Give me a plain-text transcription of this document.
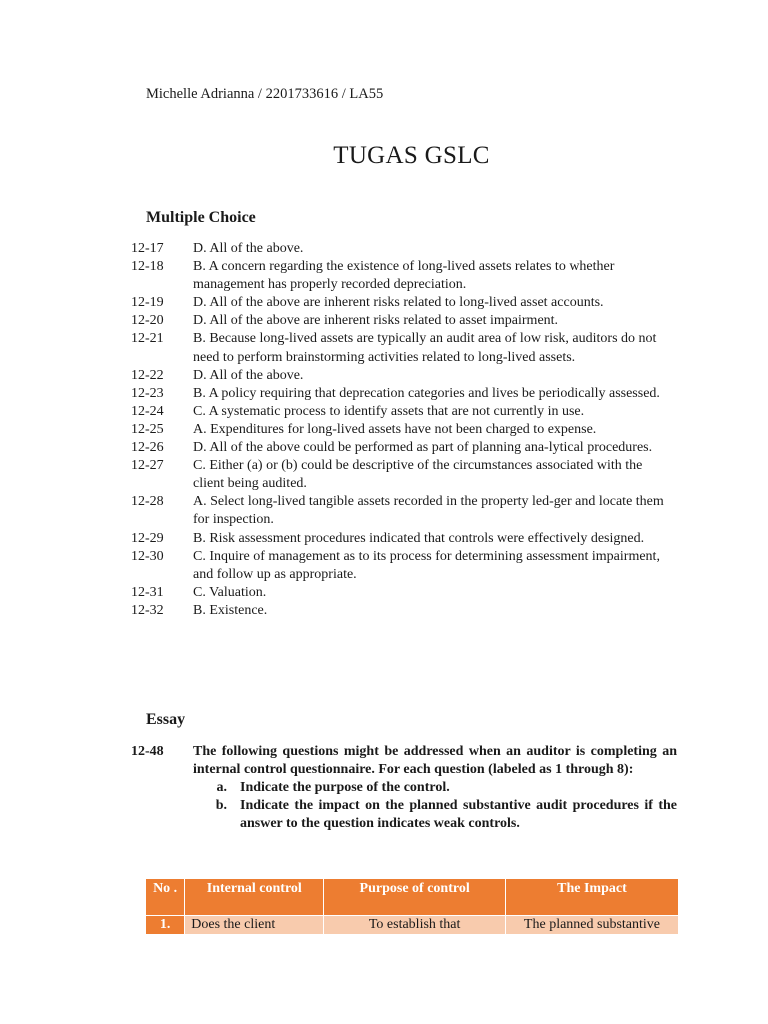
Michelle Adrianna / 2201733616 / LA55
TUGAS GSLC
Multiple Choice
12-17	D. All of the above.
12-18	B. A concern regarding the existence of long-lived assets relates to whether management has properly recorded depreciation.
12-19	D. All of the above are inherent risks related to long-lived asset accounts.
12-20	D. All of the above are inherent risks related to asset impairment.
12-21	B. Because long-lived assets are typically an audit area of low risk, auditors do not need to perform brainstorming activities related to long-lived assets.
12-22	D. All of the above.
12-23	B. A policy requiring that deprecation categories and lives be periodically assessed.
12-24	C. A systematic process to identify assets that are not currently in use.
12-25	A. Expenditures for long-lived assets have not been charged to expense.
12-26	D. All of the above could be performed as part of planning ana-lytical procedures.
12-27	C. Either (a) or (b) could be descriptive of the circumstances associated with the client being audited.
12-28	A. Select long-lived tangible assets recorded in the property led-ger and locate them for inspection.
12-29	B. Risk assessment procedures indicated that controls were effectively designed.
12-30	C. Inquire of management as to its process for determining assessment impairment, and follow up as appropriate.
12-31	C. Valuation.
12-32	B. Existence.
Essay
12-48	The following questions might be addressed when an auditor is completing an internal control questionnaire. For each question (labeled as 1 through 8):
a. Indicate the purpose of the control.
b. Indicate the impact on the planned substantive audit procedures if the answer to the question indicates weak controls.
No .	Internal control	Purpose of control	The Impact
1.	Does the client	To establish that	The planned substantive
